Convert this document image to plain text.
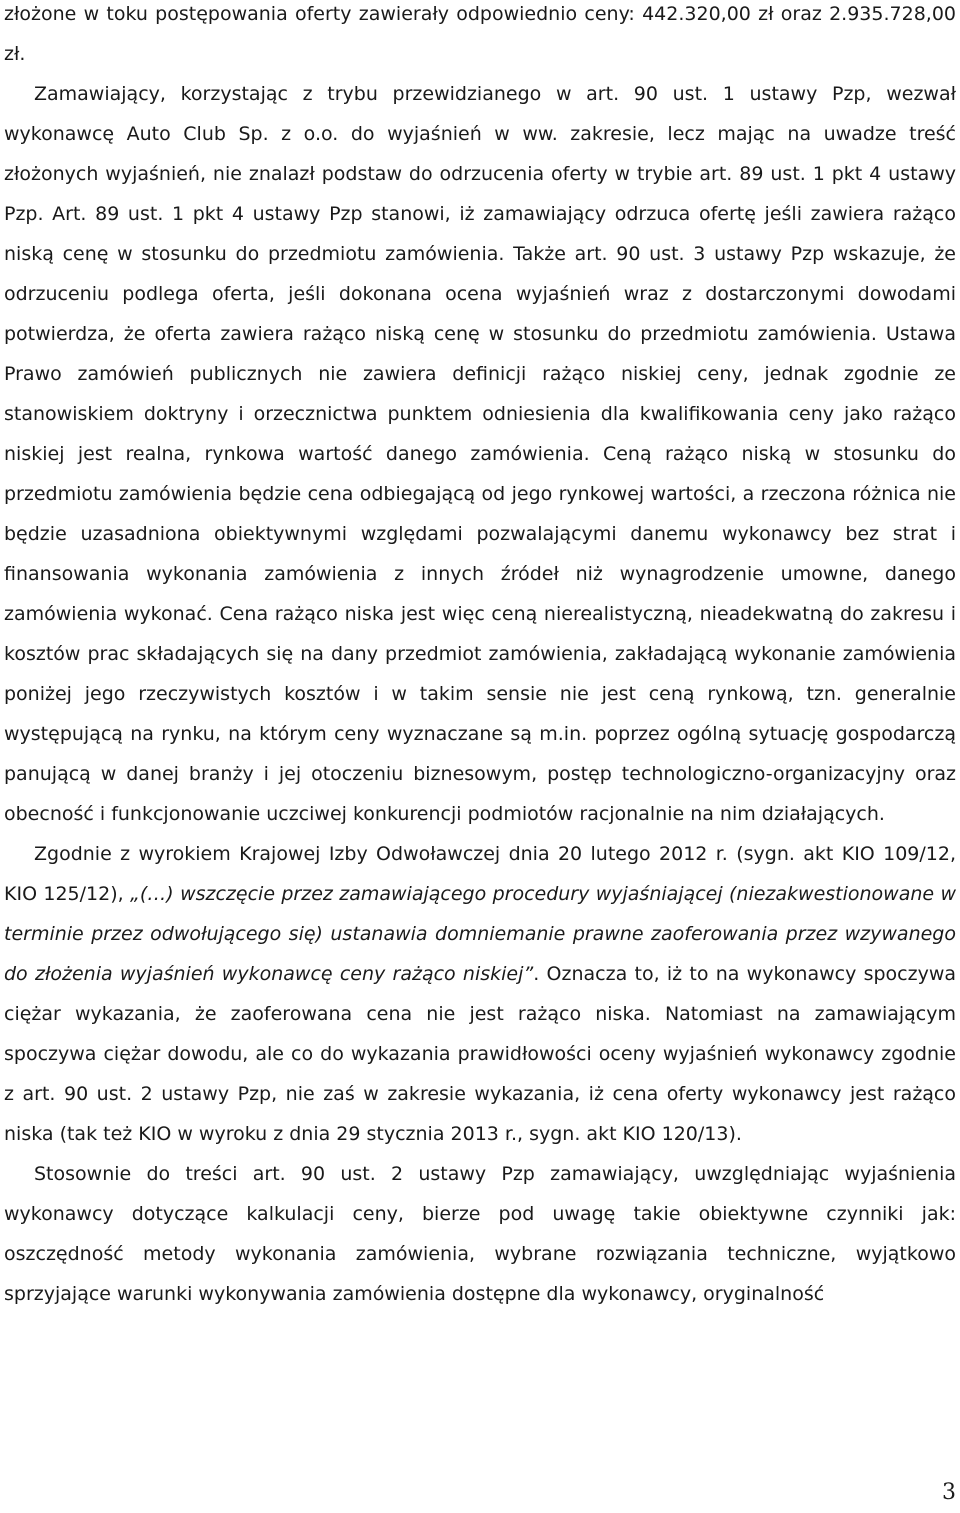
złożone w toku postępowania oferty zawierały odpowiednio ceny: 442.320,00 zł oraz 2.935.728,00 zł.

Zamawiający, korzystając z trybu przewidzianego w art. 90 ust. 1 ustawy Pzp, wezwał wykonawcę Auto Club Sp. z o.o. do wyjaśnień w ww. zakresie, lecz mając na uwadze treść złożonych wyjaśnień, nie znalazł podstaw do odrzucenia oferty w trybie art. 89 ust. 1 pkt 4 ustawy Pzp. Art. 89 ust. 1 pkt 4 ustawy Pzp stanowi, iż zamawiający odrzuca ofertę jeśli zawiera rażąco niską cenę w stosunku do przedmiotu zamówienia. Także art. 90 ust. 3 ustawy Pzp wskazuje, że odrzuceniu podlega oferta, jeśli dokonana ocena wyjaśnień wraz z dostarczonymi dowodami potwierdza, że oferta zawiera rażąco niską cenę w stosunku do przedmiotu zamówienia. Ustawa Prawo zamówień publicznych nie zawiera definicji rażąco niskiej ceny, jednak zgodnie ze stanowiskiem doktryny i orzecznictwa punktem odniesienia dla kwalifikowania ceny jako rażąco niskiej jest realna, rynkowa wartość danego zamówienia. Ceną rażąco niską w stosunku do przedmiotu zamówienia będzie cena odbiegającą od jego rynkowej wartości, a rzeczona różnica nie będzie uzasadniona obiektywnymi względami pozwalającymi danemu wykonawcy bez strat i finansowania wykonania zamówienia z innych źródeł niż wynagrodzenie umowne, danego zamówienia wykonać. Cena rażąco niska jest więc ceną nierealistyczną, nieadekwatną do zakresu i kosztów prac składających się na dany przedmiot zamówienia, zakładającą wykonanie zamówienia poniżej jego rzeczywistych kosztów i w takim sensie nie jest ceną rynkową, tzn. generalnie występującą na rynku, na którym ceny wyznaczane są m.in. poprzez ogólną sytuację gospodarczą panującą w danej branży i jej otoczeniu biznesowym, postęp technologiczno-organizacyjny oraz obecność i funkcjonowanie uczciwej konkurencji podmiotów racjonalnie na nim działających.

Zgodnie z wyrokiem Krajowej Izby Odwoławczej dnia 20 lutego 2012 r. (sygn. akt KIO 109/12, KIO 125/12), „(…) wszczęcie przez zamawiającego procedury wyjaśniającej (niezakwestionowane w terminie przez odwołującego się) ustanawia domniemanie prawne zaoferowania przez wzywanego do złożenia wyjaśnień wykonawcę ceny rażąco niskiej”. Oznacza to, iż to na wykonawcy spoczywa ciężar wykazania, że zaoferowana cena nie jest rażąco niska. Natomiast na zamawiającym spoczywa ciężar dowodu, ale co do wykazania prawidłowości oceny wyjaśnień wykonawcy zgodnie z art. 90 ust. 2 ustawy Pzp, nie zaś w zakresie wykazania, iż cena oferty wykonawcy jest rażąco niska (tak też KIO w wyroku z dnia 29 stycznia 2013 r., sygn. akt KIO 120/13).

Stosownie do treści art. 90 ust. 2 ustawy Pzp zamawiający, uwzględniając wyjaśnienia wykonawcy dotyczące kalkulacji ceny, bierze pod uwagę takie obiektywne czynniki jak: oszczędność metody wykonania zamówienia, wybrane rozwiązania techniczne, wyjątkowo sprzyjające warunki wykonywania zamówienia dostępne dla wykonawcy, oryginalność

3
